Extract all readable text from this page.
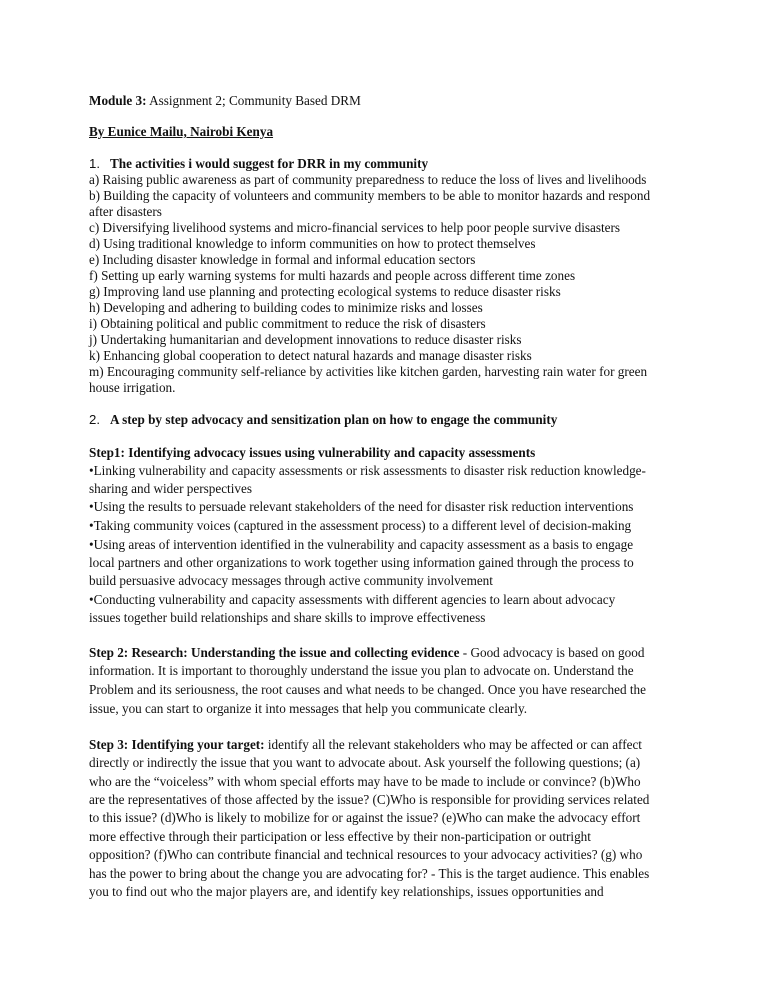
Module 3: Assignment 2; Community Based DRM
By Eunice Mailu, Nairobi Kenya
1. The activities i would suggest for DRR in my community
a) Raising public awareness as part of community preparedness to reduce the loss of lives and livelihoods
b) Building the capacity of volunteers and community members to be able to monitor hazards and respond
after disasters
c) Diversifying livelihood systems and micro-financial services to help poor people survive disasters
d) Using traditional knowledge to inform communities on how to protect themselves
e) Including disaster knowledge in formal and informal education sectors
f) Setting up early warning systems for multi hazards and people across different time zones
g) Improving land use planning and protecting ecological systems to reduce disaster risks
h) Developing and adhering to building codes to minimize risks and losses
i) Obtaining political and public commitment to reduce the risk of disasters
j) Undertaking humanitarian and development innovations to reduce disaster risks
k) Enhancing global cooperation to detect natural hazards and manage disaster risks
m) Encouraging community self-reliance by activities like kitchen garden, harvesting rain water for green
house irrigation.
2. A step by step advocacy and sensitization plan on how to engage the community
Step1: Identifying advocacy issues using vulnerability and capacity assessments
•Linking vulnerability and capacity assessments or risk assessments to disaster risk reduction knowledge-
sharing and wider perspectives
•Using the results to persuade relevant stakeholders of the need for disaster risk reduction interventions
•Taking community voices (captured in the assessment process) to a different level of decision-making
•Using areas of intervention identified in the vulnerability and capacity assessment as a basis to engage
local partners and other organizations to work together using information gained through the process to
build persuasive advocacy messages through active community involvement
•Conducting vulnerability and capacity assessments with different agencies to learn about advocacy
issues together build relationships and share skills to improve effectiveness
Step 2: Research: Understanding the issue and collecting evidence - Good advocacy is based on good
information. It is important to thoroughly understand the issue you plan to advocate on. Understand the
Problem and its seriousness, the root causes and what needs to be changed. Once you have researched the
issue, you can start to organize it into messages that help you communicate clearly.
Step 3: Identifying your target: identify all the relevant stakeholders who may be affected or can affect
directly or indirectly the issue that you want to advocate about. Ask yourself the following questions; (a)
who are the “voiceless” with whom special efforts may have to be made to include or convince? (b)Who
are the representatives of those affected by the issue? (C)Who is responsible for providing services related
to this issue? (d)Who is likely to mobilize for or against the issue? (e)Who can make the advocacy effort
more effective through their participation or less effective by their non-participation or outright
opposition? (f)Who can contribute financial and technical resources to your advocacy activities? (g) who
has the power to bring about the change you are advocating for? - This is the target audience. This enables
you to find out who the major players are, and identify key relationships, issues opportunities and
